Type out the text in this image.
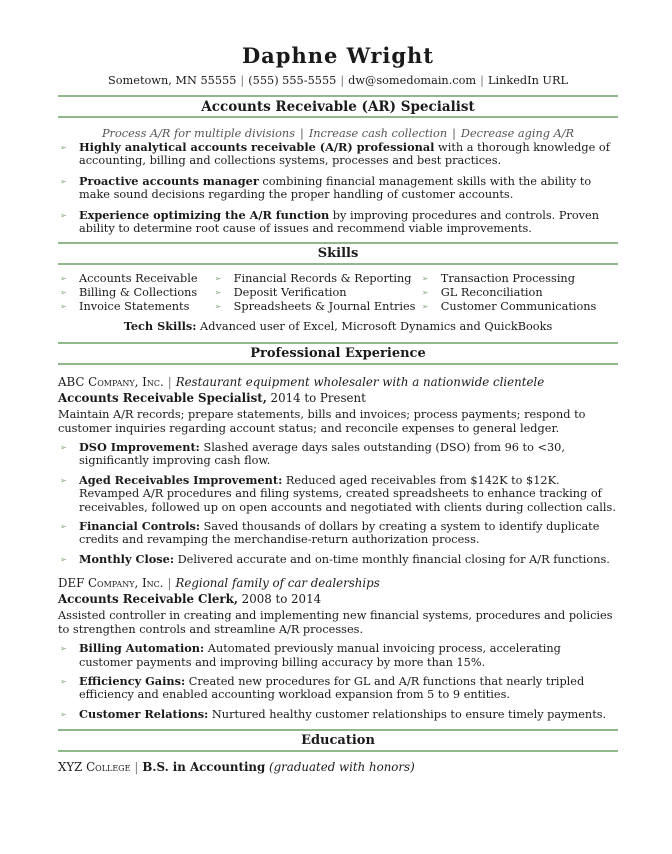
Daphne Wright
Sometown, MN 55555 | (555) 555-5555 | dw@somedomain.com | LinkedIn URL
Accounts Receivable (AR) Specialist
Process A/R for multiple divisions | Increase cash collection | Decrease aging A/R
➢ Highly analytical accounts receivable (A/R) professional with a thorough knowledge of accounting, billing and collections systems, processes and best practices.
➢ Proactive accounts manager combining financial management skills with the ability to make sound decisions regarding the proper handling of customer accounts.
➢ Experience optimizing the A/R function by improving procedures and controls. Proven ability to determine root cause of issues and recommend viable improvements.
Skills
➢ Accounts Receivable
➢ Billing & Collections
➢ Invoice Statements
➢ Financial Records & Reporting
➢ Deposit Verification
➢ Spreadsheets & Journal Entries
➢ Transaction Processing
➢ GL Reconciliation
➢ Customer Communications
Tech Skills: Advanced user of Excel, Microsoft Dynamics and QuickBooks
Professional Experience
ABC Company, Inc. | Restaurant equipment wholesaler with a nationwide clientele
Accounts Receivable Specialist, 2014 to Present
Maintain A/R records; prepare statements, bills and invoices; process payments; respond to customer inquiries regarding account status; and reconcile expenses to general ledger.
➢ DSO Improvement: Slashed average days sales outstanding (DSO) from 96 to <30, significantly improving cash flow.
➢ Aged Receivables Improvement: Reduced aged receivables from $142K to $12K. Revamped A/R procedures and filing systems, created spreadsheets to enhance tracking of receivables, followed up on open accounts and negotiated with clients during collection calls.
➢ Financial Controls: Saved thousands of dollars by creating a system to identify duplicate credits and revamping the merchandise-return authorization process.
➢ Monthly Close: Delivered accurate and on-time monthly financial closing for A/R functions.
DEF Company, Inc. | Regional family of car dealerships
Accounts Receivable Clerk, 2008 to 2014
Assisted controller in creating and implementing new financial systems, procedures and policies to strengthen controls and streamline A/R processes.
➢ Billing Automation: Automated previously manual invoicing process, accelerating customer payments and improving billing accuracy by more than 15%.
➢ Efficiency Gains: Created new procedures for GL and A/R functions that nearly tripled efficiency and enabled accounting workload expansion from 5 to 9 entities.
➢ Customer Relations: Nurtured healthy customer relationships to ensure timely payments.
Education
XYZ College | B.S. in Accounting (graduated with honors)
